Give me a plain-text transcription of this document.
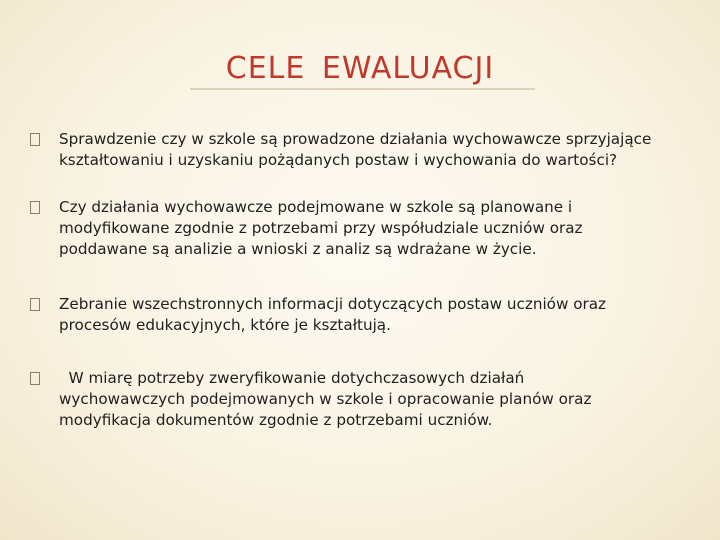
CELE EWALUACJI

Sprawdzenie czy w szkole są prowadzone działania wychowawcze sprzyjające
kształtowaniu i uzyskaniu pożądanych postaw i wychowania do wartości?

Czy działania wychowawcze podejmowane w szkole są planowane i
modyfikowane zgodnie z potrzebami przy współudziale uczniów oraz
poddawane są analizie a wnioski z analiz są wdrażane w życie.

Zebranie wszechstronnych informacji dotyczących postaw uczniów oraz
procesów edukacyjnych, które je kształtują.

W miarę potrzeby zweryfikowanie dotychczasowych działań
wychowawczych podejmowanych w szkole i opracowanie planów oraz
modyfikacja dokumentów zgodnie z potrzebami uczniów.
